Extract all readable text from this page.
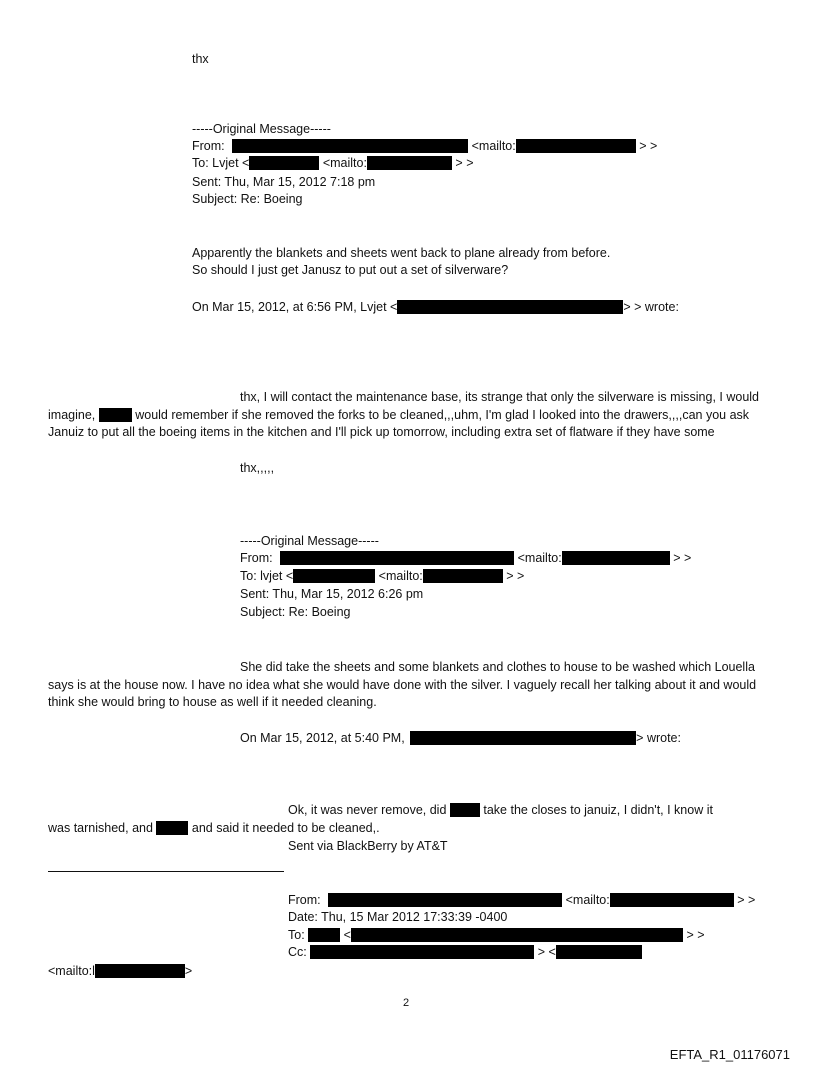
thx
-----Original Message-----
From:	<mailto:	> >
To: Lvjet <	<mailto:	> >
Sent: Thu, Mar 15, 2012 7:18 pm
Subject: Re: Boeing
Apparently the blankets and sheets went back to plane already from before.
So should I just get Janusz to put out a set of silverware?
On Mar 15, 2012, at 6:56 PM, Lvjet <	> > wrote:
thx, I will contact the maintenance base, its strange that only the silverware is missing, I would imagine,	would remember if she removed the forks to be cleaned,,,uhm, I'm glad I looked into the drawers,,,,can you ask Januiz to put all the boeing items in the kitchen and I'll pick up tomorrow, including extra set of flatware if they have some
thx,,,,,
-----Original Message-----
From:	<mailto:	> >
To: lvjet <	<mailto:	> >
Sent: Thu, Mar 15, 2012 6:26 pm
Subject: Re: Boeing
She did take the sheets and some blankets and clothes to house to be washed which Louella says is at the house now. I have no idea what she would have done with the silver. I vaguely recall her talking about it and would think she would bring to house as well if it needed cleaning.
On Mar 15, 2012, at 5:40 PM,	> wrote:
Ok, it was never remove, did	take the closes to januiz, I didn't, I know it
was tarnished, and	and said it needed to be cleaned,.
Sent via BlackBerry by AT&T
From:	<mailto:	> >
Date: Thu, 15 Mar 2012 17:33:39 -0400
To:	<	> >
Cc:	> <
<mailto:l	>
2
EFTA_R1_01176071
